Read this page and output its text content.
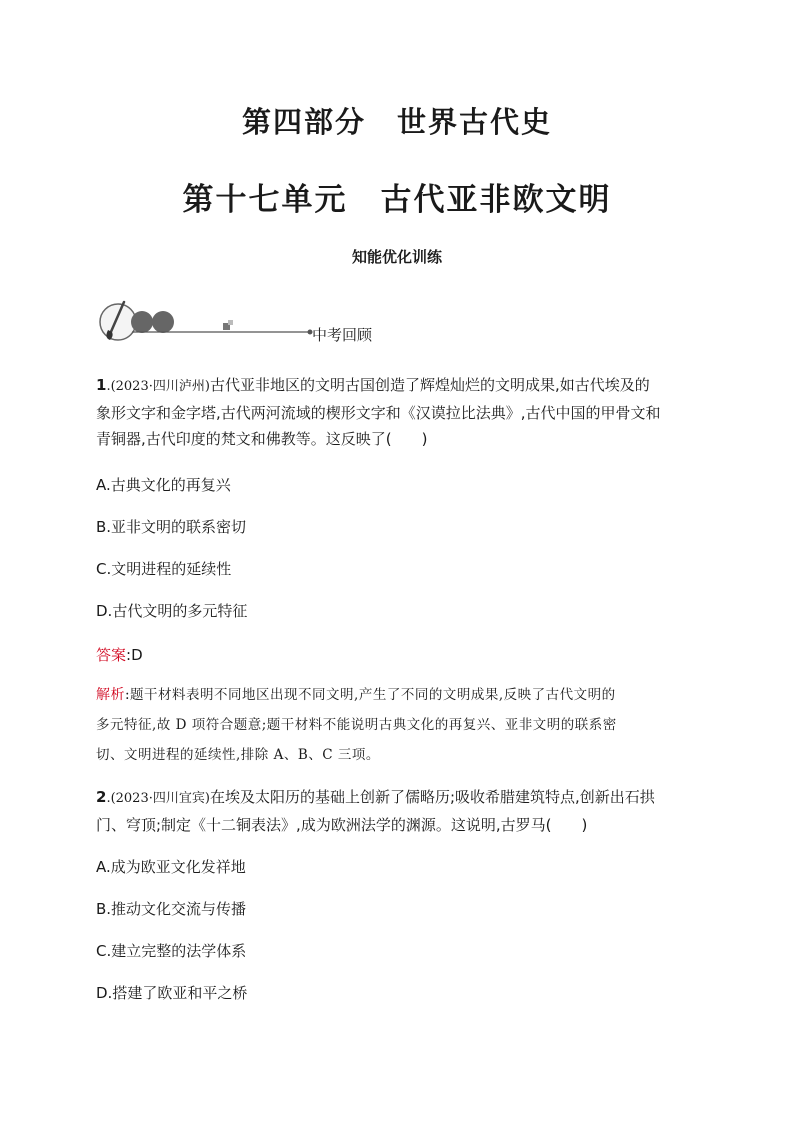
第四部分　世界古代史
第十七单元　古代亚非欧文明
知能优化训练
中考回顾
1.(2023·四川泸州)古代亚非地区的文明古国创造了辉煌灿烂的文明成果,如古代埃及的
象形文字和金字塔,古代两河流域的楔形文字和《汉谟拉比法典》,古代中国的甲骨文和
青铜器,古代印度的梵文和佛教等。这反映了(　　)
A.古典文化的再复兴
B.亚非文明的联系密切
C.文明进程的延续性
D.古代文明的多元特征
答案:D
解析:题干材料表明不同地区出现不同文明,产生了不同的文明成果,反映了古代文明的
多元特征,故 D 项符合题意;题干材料不能说明古典文化的再复兴、亚非文明的联系密
切、文明进程的延续性,排除 A、B、C 三项。
2.(2023·四川宜宾)在埃及太阳历的基础上创新了儒略历;吸收希腊建筑特点,创新出石拱
门、穹顶;制定《十二铜表法》,成为欧洲法学的渊源。这说明,古罗马(　　)
A.成为欧亚文化发祥地
B.推动文化交流与传播
C.建立完整的法学体系
D.搭建了欧亚和平之桥
